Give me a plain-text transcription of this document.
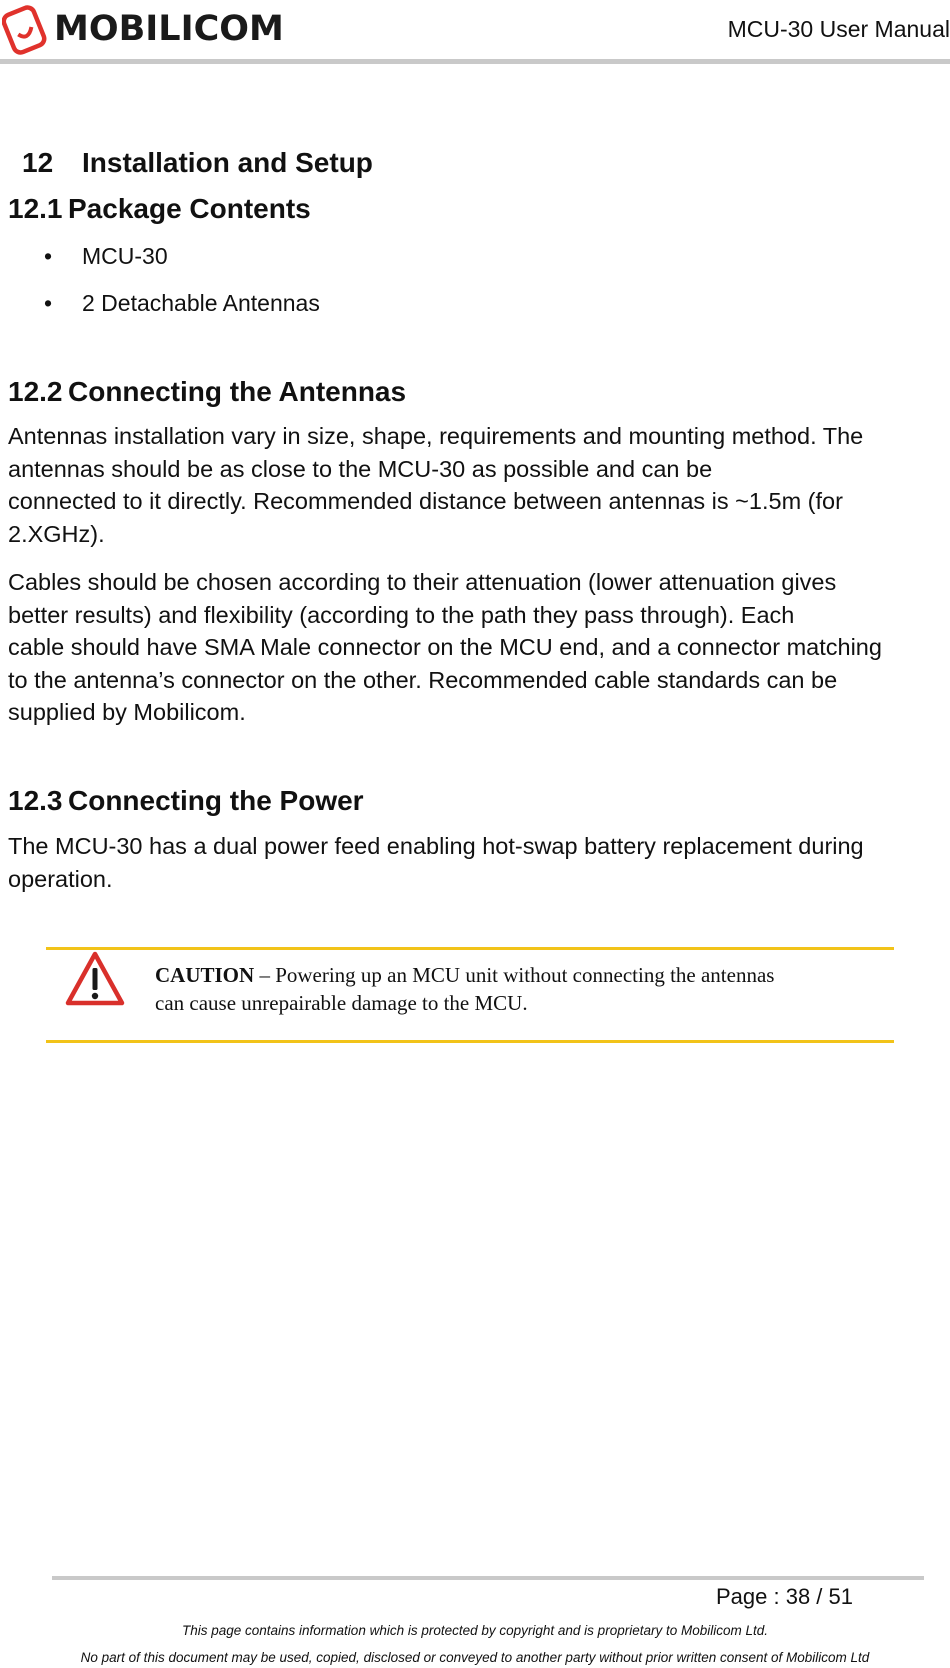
MOBILICOM	MCU-30 User Manual
12 Installation and Setup
12.1 Package Contents
• MCU-30
• 2 Detachable Antennas
12.2 Connecting the Antennas

Antennas installation vary in size, shape, requirements and mounting method. The

antennas should be as close to the MCU-30 as possible and can be

connected to it directly. Recommended distance between antennas is ~1.5m (for

2.XGHz).

Cables should be chosen according to their attenuation (lower attenuation gives

better results) and flexibility (according to the path they pass through). Each

cable should have SMA Male connector on the MCU end, and a connector matching

to the antenna’s connector on the other. Recommended cable standards can be

supplied by Mobilicom.

12.3 Connecting the Power

The MCU-30 has a dual power feed enabling hot-swap battery replacement during

operation.

CAUTION – Powering up an MCU unit without connecting the antennas
can cause unrepairable damage to the MCU.
Page : 38 / 51
This page contains information which is protected by copyright and is proprietary to Mobilicom Ltd.
No part of this document may be used, copied, disclosed or conveyed to another party without prior written consent of Mobilicom Ltd
